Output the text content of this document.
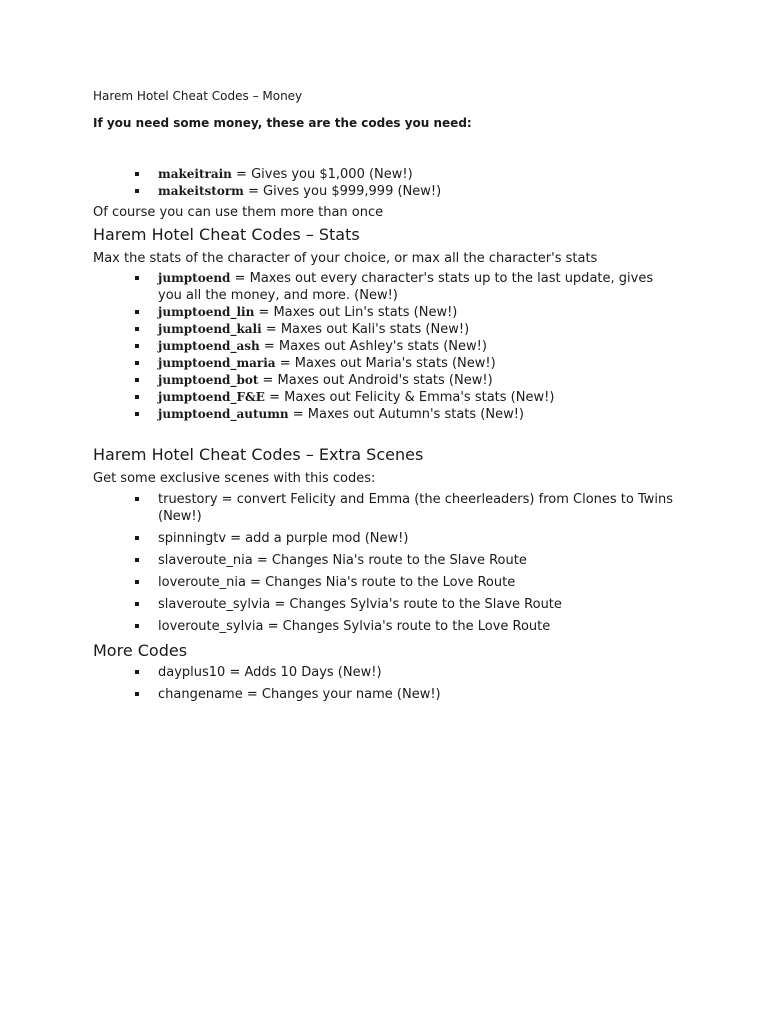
Harem Hotel Cheat Codes – Money

If you need some money, these are the codes you need:

makeitrain = Gives you $1,000 (New!)
makeitstorm = Gives you $999,999 (New!)

Of course you can use them more than once

Harem Hotel Cheat Codes – Stats

Max the stats of the character of your choice, or max all the character's stats

jumptoend = Maxes out every character's stats up to the last update, gives you all the money, and more. (New!)
jumptoend_lin = Maxes out Lin's stats (New!)
jumptoend_kali = Maxes out Kali's stats (New!)
jumptoend_ash = Maxes out Ashley's stats (New!)
jumptoend_maria = Maxes out Maria's stats (New!)
jumptoend_bot = Maxes out Android's stats (New!)
jumptoend_F&E = Maxes out Felicity & Emma's stats (New!)
jumptoend_autumn = Maxes out Autumn's stats (New!)
Harem Hotel Cheat Codes – Extra Scenes

Get some exclusive scenes with this codes:

truestory = convert Felicity and Emma (the cheerleaders) from Clones to Twins (New!)
spinningtv = add a purple mod (New!)
slaveroute_nia = Changes Nia's route to the Slave Route
loveroute_nia = Changes Nia's route to the Love Route
slaveroute_sylvia = Changes Sylvia's route to the Slave Route
loveroute_sylvia = Changes Sylvia's route to the Love Route
More Codes
dayplus10 = Adds 10 Days (New!)
changename = Changes your name (New!)
